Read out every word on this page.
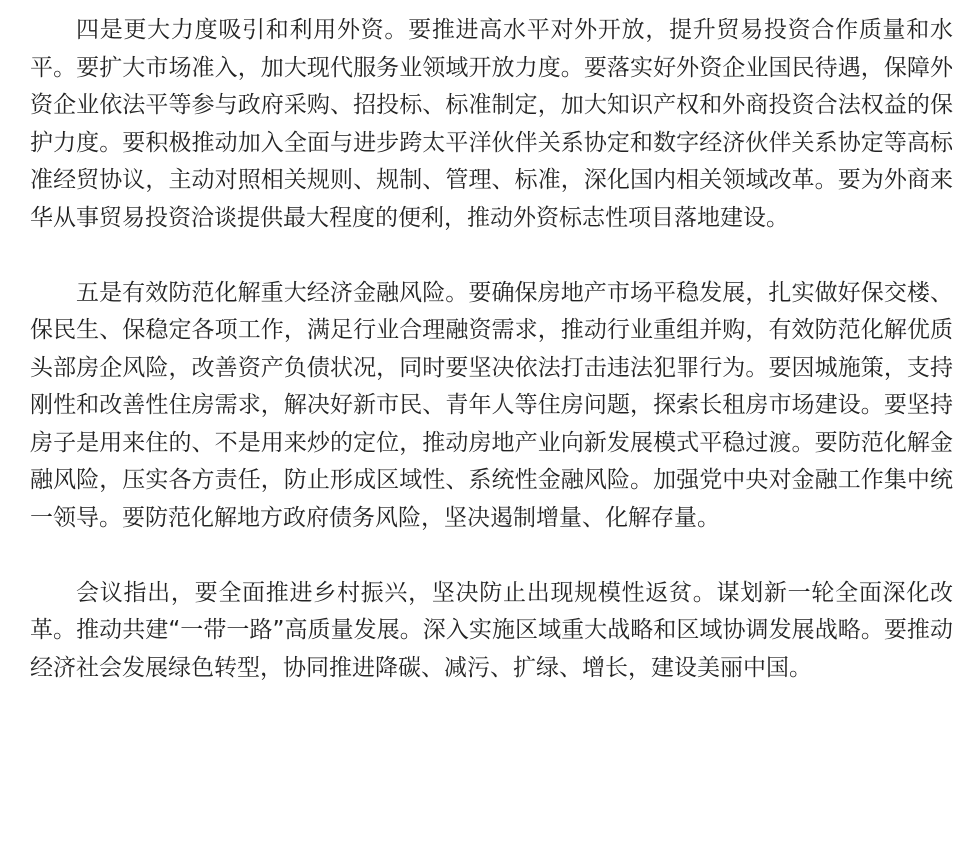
四是更大力度吸引和利用外资。要推进高水平对外开放，提升贸易投资合作质量和水平。要扩大市场准入，加大现代服务业领域开放力度。要落实好外资企业国民待遇，保障外资企业依法平等参与政府采购、招投标、标准制定，加大知识产权和外商投资合法权益的保护力度。要积极推动加入全面与进步跨太平洋伙伴关系协定和数字经济伙伴关系协定等高标准经贸协议，主动对照相关规则、规制、管理、标准，深化国内相关领域改革。要为外商来华从事贸易投资洽谈提供最大程度的便利，推动外资标志性项目落地建设。

五是有效防范化解重大经济金融风险。要确保房地产市场平稳发展，扎实做好保交楼、保民生、保稳定各项工作，满足行业合理融资需求，推动行业重组并购，有效防范化解优质头部房企风险，改善资产负债状况，同时要坚决依法打击违法犯罪行为。要因城施策，支持刚性和改善性住房需求，解决好新市民、青年人等住房问题，探索长租房市场建设。要坚持房子是用来住的、不是用来炒的定位，推动房地产业向新发展模式平稳过渡。要防范化解金融风险，压实各方责任，防止形成区域性、系统性金融风险。加强党中央对金融工作集中统一领导。要防范化解地方政府债务风险，坚决遏制增量、化解存量。

会议指出，要全面推进乡村振兴，坚决防止出现规模性返贫。谋划新一轮全面深化改革。推动共建“一带一路”高质量发展。深入实施区域重大战略和区域协调发展战略。要推动经济社会发展绿色转型，协同推进降碳、减污、扩绿、增长，建设美丽中国。
